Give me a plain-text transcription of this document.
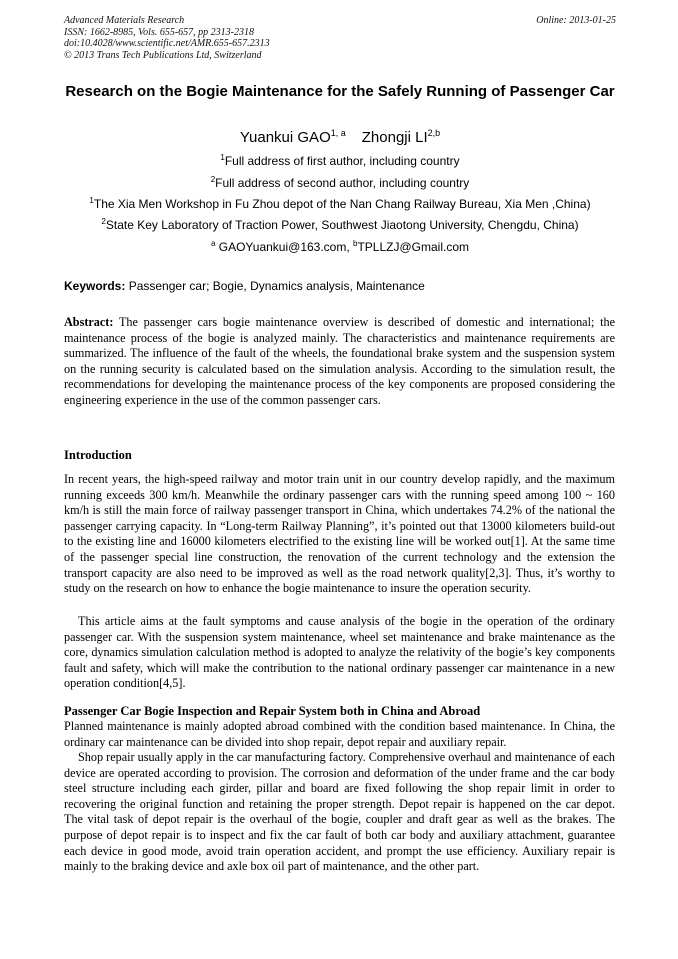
Advanced Materials Research
ISSN: 1662-8985, Vols. 655-657, pp 2313-2318
doi:10.4028/www.scientific.net/AMR.655-657.2313
© 2013 Trans Tech Publications Ltd, Switzerland
Online: 2013-01-25
Research on the Bogie Maintenance for the Safely Running of Passenger Car
Yuankui GAO$^{1, a}$ Zhongji LI$^{2,b}$
$^1$Full address of first author, including country
$^2$Full address of second author, including country
$^1$The Xia Men Workshop in Fu Zhou depot of the Nan Chang Railway Bureau, Xia Men ,China)
$^2$State Key Laboratory of Traction Power, Southwest Jiaotong University, Chengdu, China)
$^a$ GAOYuankui@163.com, $^b$TPLLZJ@Gmail.com
Keywords: Passenger car; Bogie, Dynamics analysis, Maintenance

Abstract: The passenger cars bogie maintenance overview is described of domestic and international; the maintenance process of the bogie is analyzed mainly. The characteristics and maintenance requirements are summarized. The influence of the fault of the wheels, the foundational brake system and the suspension system on the running security is calculated based on the simulation analysis. According to the simulation result, the recommendations for developing the maintenance process of the key components are proposed considering the engineering experience in the use of the common passenger cars.

Introduction

In recent years, the high-speed railway and motor train unit in our country develop rapidly, and the maximum running exceeds 300 km/h. Meanwhile the ordinary passenger cars with the running speed among 100 ~ 160 km/h is still the main force of railway passenger transport in China, which undertakes 74.2% of the national the passenger carrying capacity. In “Long-term Railway Planning”, it’s pointed out that 13000 kilometers build-out to the existing line and 16000 kilometers electrified to the existing line will be worked out[1]. At the same time of the passenger special line construction, the renovation of the current technology and the extension the transport capacity are also need to be improved as well as the road network quality[2,3]. Thus, it’s worthy to study on the research on how to enhance the bogie maintenance to insure the operation security.

This article aims at the fault symptoms and cause analysis of the bogie in the operation of the ordinary passenger car. With the suspension system maintenance, wheel set maintenance and brake maintenance as the core, dynamics simulation calculation method is adopted to analyze the relativity of the bogie’s key components fault and safety, which will make the contribution to the national ordinary passenger car maintenance in a new operation condition[4,5].

Passenger Car Bogie Inspection and Repair System both in China and Abroad

Planned maintenance is mainly adopted abroad combined with the condition based maintenance. In China, the ordinary car maintenance can be divided into shop repair, depot repair and auxiliary repair.

Shop repair usually apply in the car manufacturing factory. Comprehensive overhaul and maintenance of each device are operated according to provision. The corrosion and deformation of the under frame and the car body steel structure including each girder, pillar and board are fixed following the shop repair limit in order to recovering the original function and retaining the proper strength. Depot repair is happened on the car depot. The vital task of depot repair is the overhaul of the bogie, coupler and draft gear as well as the brakes. The purpose of depot repair is to inspect and fix the car fault of both car body and auxiliary attachment, guarantee each device in good mode, avoid train operation accident, and prompt the use efficiency. Auxiliary repair is mainly to the braking device and axle box oil part of maintenance, and the other part.
